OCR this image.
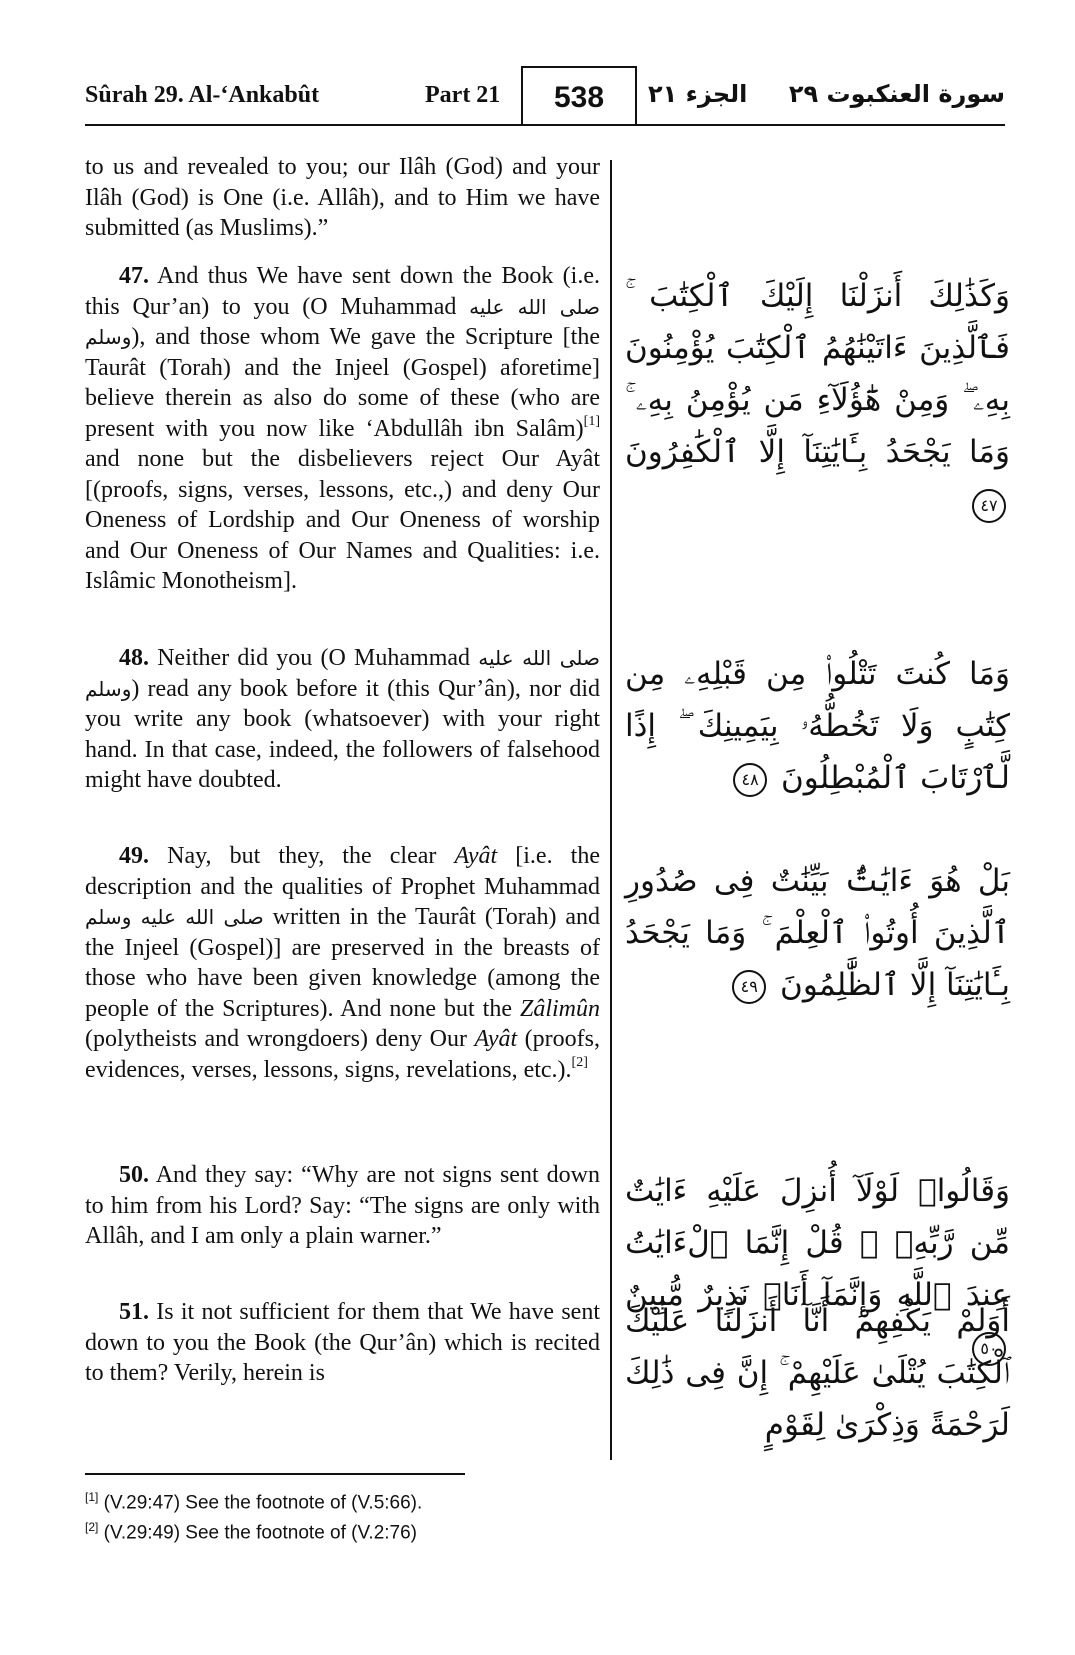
Sûrah 29. Al-‘Ankabût	Part 21	538	الجزء ٢١ سورة العنكبوت ٢٩
to us and revealed to you; our Ilâh (God) and your Ilâh (God) is One (i.e. Allâh), and to Him we have submitted (as Muslims).”
47. And thus We have sent down the Book (i.e. this Qur’an) to you (O Muhammad صلى الله عليه وسلم), and those whom We gave the Scripture [the Taurât (Torah) and the Injeel (Gospel) aforetime] believe therein as also do some of these (who are present with you now like ‘Abdullâh ibn Salâm)[1] and none but the disbelievers reject Our Ayât [(proofs, signs, verses, lessons, etc.,) and deny Our Oneness of Lordship and Our Oneness of worship and Our Oneness of Our Names and Qualities: i.e. Islâmic Monotheism].
48. Neither did you (O Muhammad صلى الله عليه وسلم) read any book before it (this Qur’ân), nor did you write any book (whatsoever) with your right hand. In that case, indeed, the followers of falsehood might have doubted.
49. Nay, but they, the clear Ayât [i.e. the description and the qualities of Prophet Muhammad صلى الله عليه وسلم written in the Taurât (Torah) and the Injeel (Gospel)] are preserved in the breasts of those who have been given knowledge (among the people of the Scriptures). And none but the Zâlimûn (polytheists and wrongdoers) deny Our Ayât (proofs, evidences, verses, lessons, signs, revelations, etc.).[2]
50. And they say: “Why are not signs sent down to him from his Lord? Say: “The signs are only with Allâh, and I am only a plain warner.”
51. Is it not sufficient for them that We have sent down to you the Book (the Qur’ân) which is recited to them? Verily, herein is
وَكَذَٰلِكَ أَنزَلْنَا إِلَيْكَ ٱلْكِتَٰبَ ۚ فَٱلَّذِينَ ءَاتَيْنَٰهُمُ ٱلْكِتَٰبَ يُؤْمِنُونَ بِهِۦ ۖ وَمِنْ هَٰٓؤُلَآءِ مَن يُؤْمِنُ بِهِۦ ۚ وَمَا يَجْحَدُ بِـَٔايَٰتِنَآ إِلَّا ٱلْكَٰفِرُونَ ٤٧
وَمَا كُنتَ تَتْلُوا۟ مِن قَبْلِهِۦ مِن كِتَٰبٍ وَلَا تَخُطُّهُۥ بِيَمِينِكَ ۖ إِذًا لَّٱرْتَابَ ٱلْمُبْطِلُونَ ٤٨
بَلْ هُوَ ءَايَٰتٌۢ بَيِّنَٰتٌ فِى صُدُورِ ٱلَّذِينَ أُوتُوا۟ ٱلْعِلْمَ ۚ وَمَا يَجْحَدُ بِـَٔايَٰتِنَآ إِلَّا ٱلظَّٰلِمُونَ ٤٩
وَقَالُوا۟ لَوْلَآ أُنزِلَ عَلَيْهِ ءَايَٰتٌ مِّن رَّبِّهِۦ ۖ قُلْ إِنَّمَا ٱلْءَايَٰتُ عِندَ ٱللَّهِ وَإِنَّمَآ أَنَا۠ نَذِيرٌ مُّبِينٌ ٥٠
أَوَلَمْ يَكْفِهِمْ أَنَّآ أَنزَلْنَا عَلَيْكَ ٱلْكِتَٰبَ يُتْلَىٰ عَلَيْهِمْ ۚ إِنَّ فِى ذَٰلِكَ لَرَحْمَةً وَذِكْرَىٰ لِقَوْمٍ
[1] (V.29:47) See the footnote of (V.5:66).
[2] (V.29:49) See the footnote of (V.2:76)
